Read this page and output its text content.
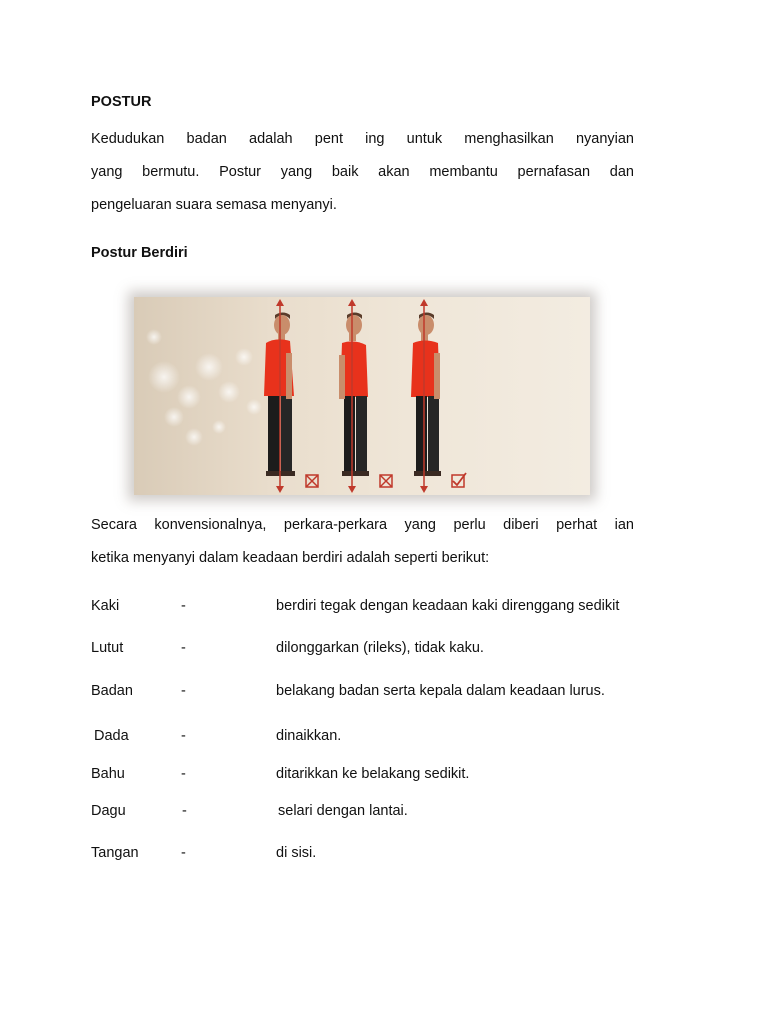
POSTUR
Kedudukan badan adalah pent ing untuk menghasilkan nyanyian
yang bermutu. Postur yang baik akan membantu pernafasan dan
pengeluaran suara semasa menyanyi.
Postur Berdiri
Secara konvensionalnya, perkara-perkara yang perlu diberi perhat ian
ketika menyanyi dalam keadaan berdiri adalah seperti berikut:
Kaki	-	berdiri tegak dengan keadaan kaki direnggang sedikit
Lutut	-	dilonggarkan (rileks), tidak kaku.
Badan	-	belakang badan serta kepala dalam keadaan lurus.
Dada	-	dinaikkan.
Bahu	-	ditarikkan ke belakang sedikit.
Dagu	-	selari dengan lantai.
Tangan	-	di sisi.
